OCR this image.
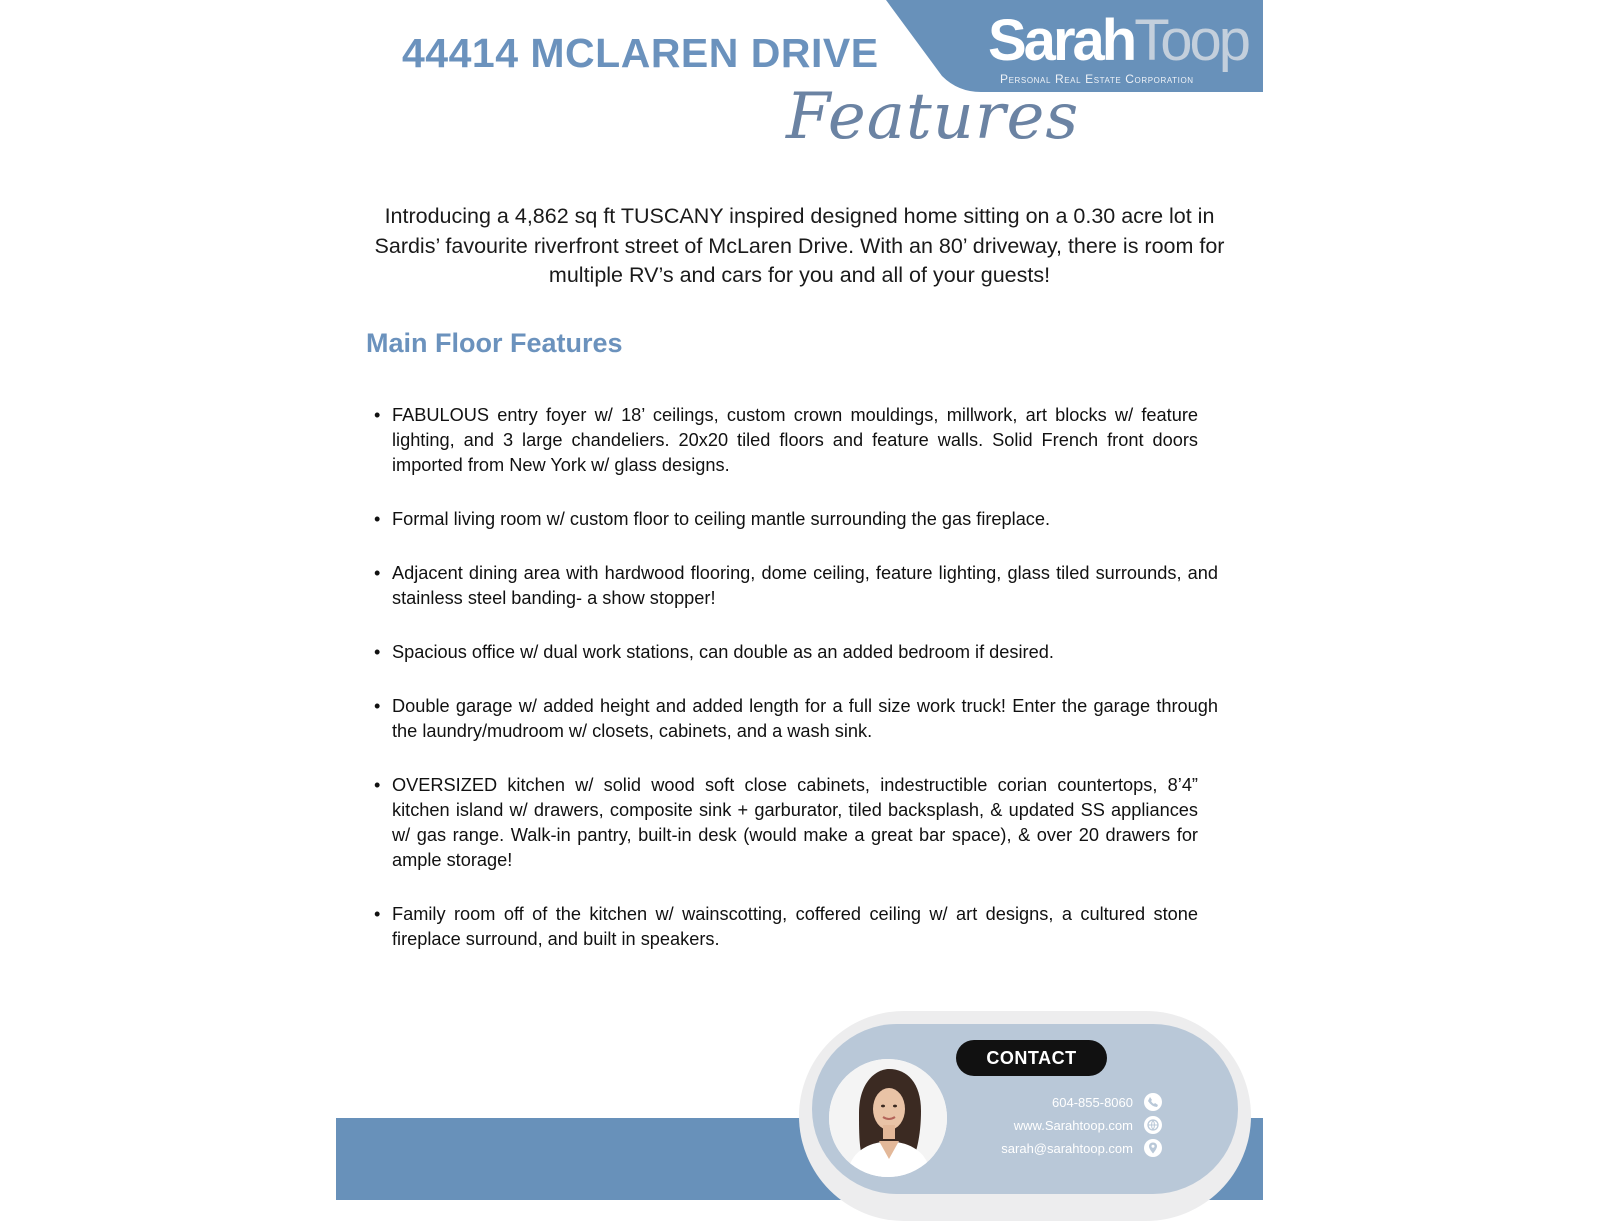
SarahToop
Personal Real Estate Corporation
44414 MCLAREN DRIVE
Features

Introducing a 4,862 sq ft TUSCANY inspired designed home sitting on a 0.30 acre lot in Sardis’ favourite riverfront street of McLaren Drive. With an 80’ driveway, there is room for multiple RV’s and cars for you and all of your guests!

Main Floor Features
• FABULOUS entry foyer w/ 18’ ceilings, custom crown mouldings, millwork, art blocks w/ feature lighting, and 3 large chandeliers. 20x20 tiled floors and feature walls. Solid French front doors imported from New York w/ glass designs.
• Formal living room w/ custom floor to ceiling mantle surrounding the gas fireplace.
• Adjacent dining area with hardwood flooring, dome ceiling, feature lighting, glass tiled surrounds, and stainless steel banding- a show stopper!
• Spacious office w/ dual work stations, can double as an added bedroom if desired.
• Double garage w/ added height and added length for a full size work truck! Enter the garage through the laundry/mudroom w/ closets, cabinets, and a wash sink.
• OVERSIZED kitchen w/ solid wood soft close cabinets, indestructible corian countertops, 8’4” kitchen island w/ drawers, composite sink + garburator, tiled backsplash, & updated SS appliances w/ gas range. Walk-in pantry, built-in desk (would make a great bar space), & over 20 drawers for ample storage!
• Family room off of the kitchen w/ wainscotting, coffered ceiling w/ art designs, a cultured stone fireplace surround, and built in speakers.
CONTACT
604-855-8060
www.Sarahtoop.com
sarah@sarahtoop.com
